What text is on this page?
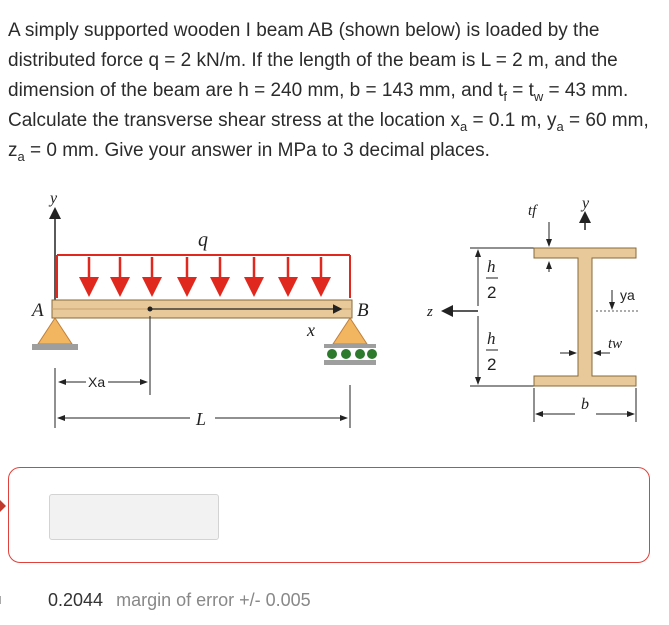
A simply supported wooden I beam AB (shown below) is loaded by the distributed force q = 2 kN/m. If the length of the beam is L = 2 m, and the dimension of the beam are h = 240 mm, b = 143 mm, and $t_f = t_w = 43$ mm. Calculate the transverse shear stress at the location $x_a = 0.1$ m, $y_a = 60$ mm, $z_a = 0$ mm. Give your answer in MPa to 3 decimal places.
y
q
A	B
x
Xa
L
z
h
2
h
2
y
tf
ya
tw
b
0.2044 margin of error +/- 0.005
